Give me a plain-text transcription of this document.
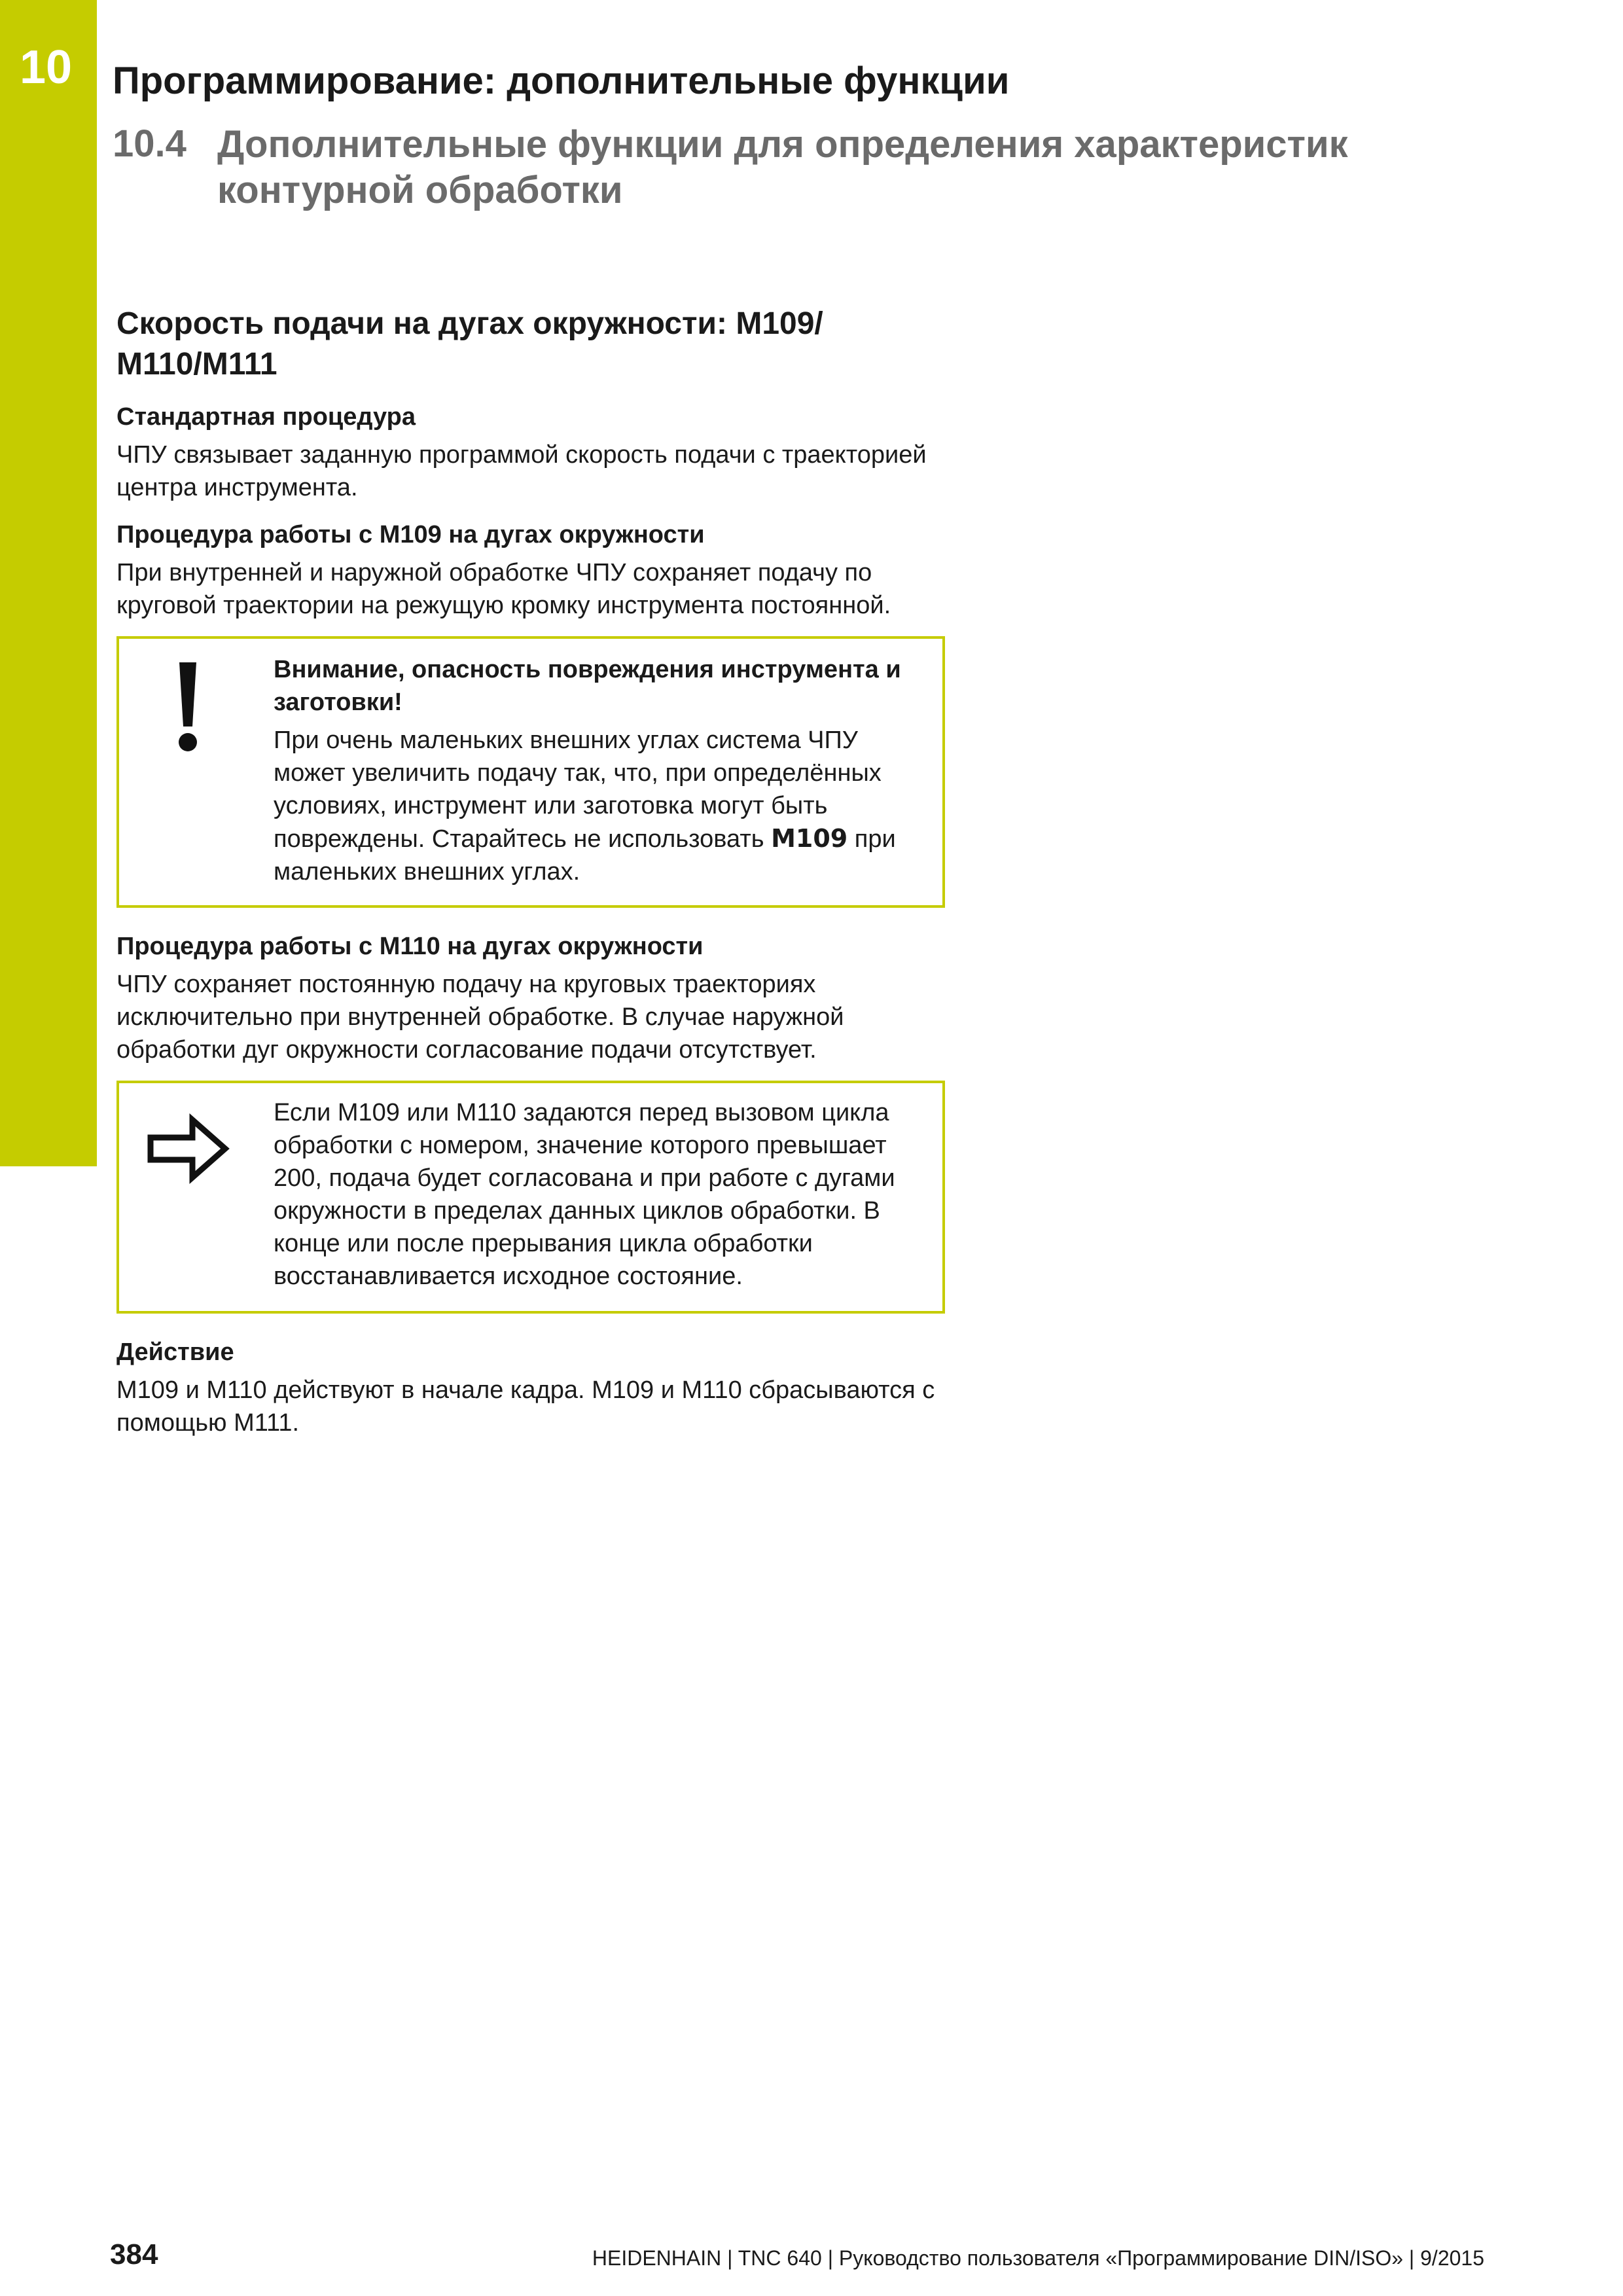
10 Программирование: дополнительные функции
10.4 Дополнительные функции для определения характеристик контурной обработки
Скорость подачи на дугах окружности: M109/ M110/M111
Стандартная процедура
ЧПУ связывает заданную программой скорость подачи с траекторией центра инструмента.
Процедура работы с M109 на дугах окружности
При внутренней и наружной обработке ЧПУ сохраняет подачу по круговой траектории на режущую кромку инструмента постоянной.
Внимание, опасность повреждения инструмента и заготовки!
При очень маленьких внешних углах система ЧПУ может увеличить подачу так, что, при определённых условиях, инструмент или заготовка могут быть повреждены. Старайтесь не использовать M109 при маленьких внешних углах.
Процедура работы с M110 на дугах окружности
ЧПУ сохраняет постоянную подачу на круговых траекториях исключительно при внутренней обработке. В случае наружной обработки дуг окружности согласование подачи отсутствует.
Если M109 или M110 задаются перед вызовом цикла обработки с номером, значение которого превышает 200, подача будет согласована и при работе с дугами окружности в пределах данных циклов обработки. В конце или после прерывания цикла обработки восстанавливается исходное состояние.
Действие
M109 и M110 действуют в начале кадра. M109 и M110 сбрасываются с помощью M111.
384	HEIDENHAIN | TNC 640 | Руководство пользователя «Программирование DIN/ISO» | 9/2015
